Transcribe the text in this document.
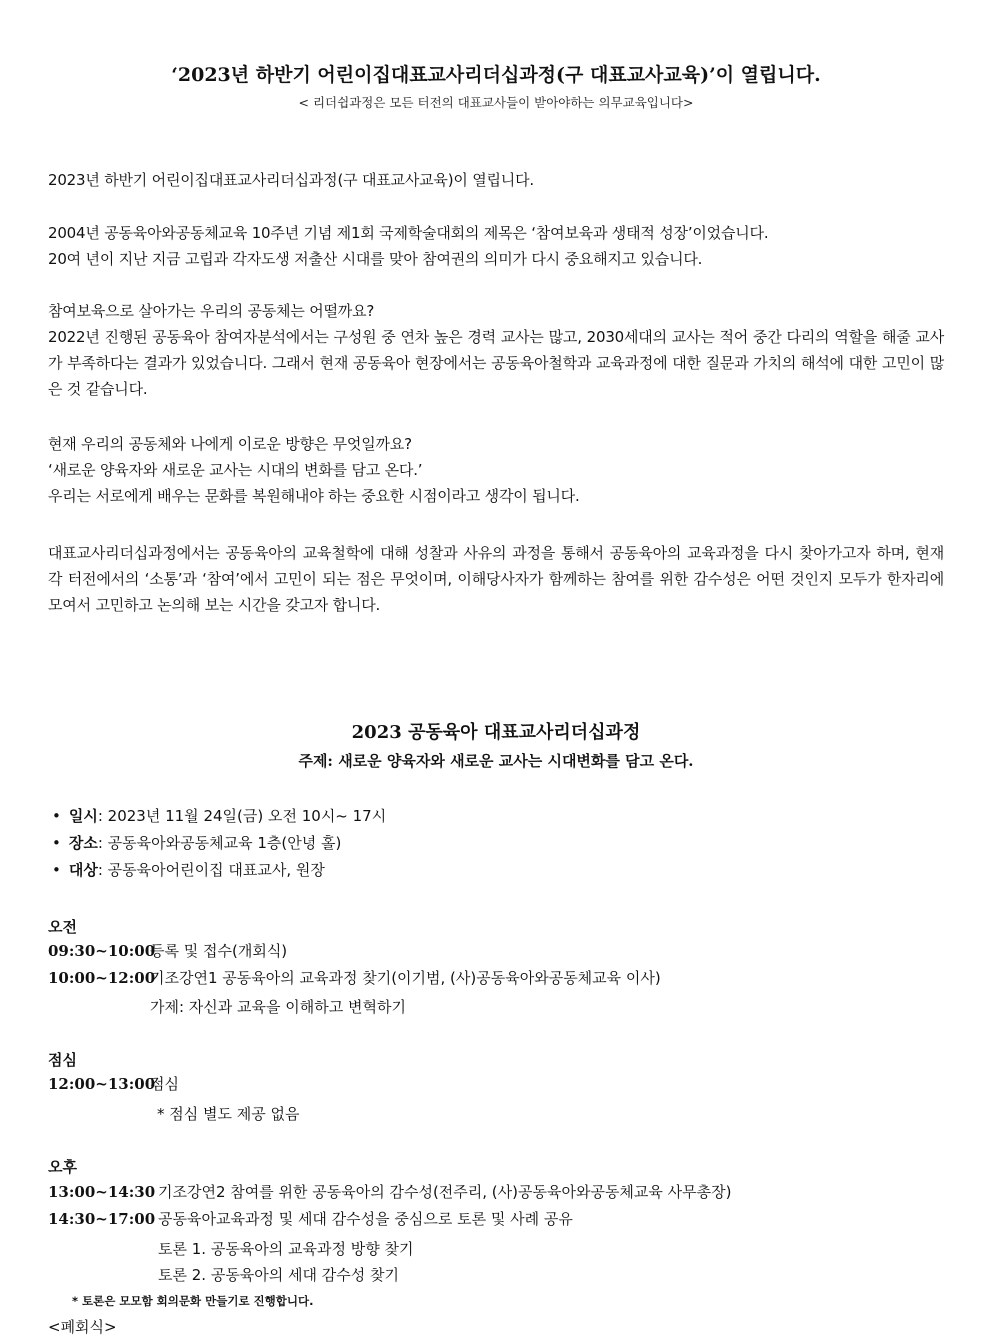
‘2023년 하반기 어린이집대표교사리더십과정(구 대표교사교육)’이 열립니다.
< 리더쉽과정은 모든 터전의 대표교사들이 받아야하는 의무교육입니다>

2023년 하반기 어린이집대표교사리더십과정(구 대표교사교육)이 열립니다.

2004년 공동육아와공동체교육 10주년 기념 제1회 국제학술대회의 제목은 ‘참여보육과 생태적 성장’이었습니다.

20여 년이 지난 지금 고립과 각자도생 저출산 시대를 맞아 참여권의 의미가 다시 중요해지고 있습니다.

참여보육으로 살아가는 우리의 공동체는 어떨까요?

2022년 진행된 공동육아 참여자분석에서는 구성원 중 연차 높은 경력 교사는 많고, 2030세대의 교사는 적어 중간 다리의 역할을 해줄 교사가 부족하다는 결과가 있었습니다. 그래서 현재 공동육아 현장에서는 공동육아철학과 교육과정에 대한 질문과 가치의 해석에 대한 고민이 많은 것 같습니다.

현재 우리의 공동체와 나에게 이로운 방향은 무엇일까요?

‘새로운 양육자와 새로운 교사는 시대의 변화를 담고 온다.’

우리는 서로에게 배우는 문화를 복원해내야 하는 중요한 시점이라고 생각이 됩니다.

대표교사리더십과정에서는 공동육아의 교육철학에 대해 성찰과 사유의 과정을 통해서 공동육아의 교육과정을 다시 찾아가고자 하며, 현재 각 터전에서의 ‘소통’과 ‘참여’에서 고민이 되는 점은 무엇이며, 이해당사자가 함께하는 참여를 위한 감수성은 어떤 것인지 모두가 한자리에 모여서 고민하고 논의해 보는 시간을 갖고자 합니다.

2023 공동육아 대표교사리더십과정
주제: 새로운 양육자와 새로운 교사는 시대변화를 담고 온다.
• 일시: 2023년 11월 24일(금) 오전 10시~ 17시
• 장소: 공동육아와공동체교육 1층(안녕 홀)
• 대상: 공동육아어린이집 대표교사, 원장
오전
09:30~10:00등록 및 접수(개회식)
10:00~12:00기조강연1 공동육아의 교육과정 찾기(이기범, (사)공동육아와공동체교육 이사)
가제: 자신과 교육을 이해하고 변혁하기
점심
12:00~13:00점심
* 점심 별도 제공 없음
오후
13:00~14:30 기조강연2 참여를 위한 공동육아의 감수성(전주리, (사)공동육아와공동체교육 사무총장)
14:30~17:00 공동육아교육과정 및 세대 감수성을 중심으로 토론 및 사례 공유
토론 1. 공동육아의 교육과정 방향 찾기
토론 2. 공동육아의 세대 감수성 찾기
* 토론은 모모함 회의문화 만들기로 진행합니다.
<폐회식>
